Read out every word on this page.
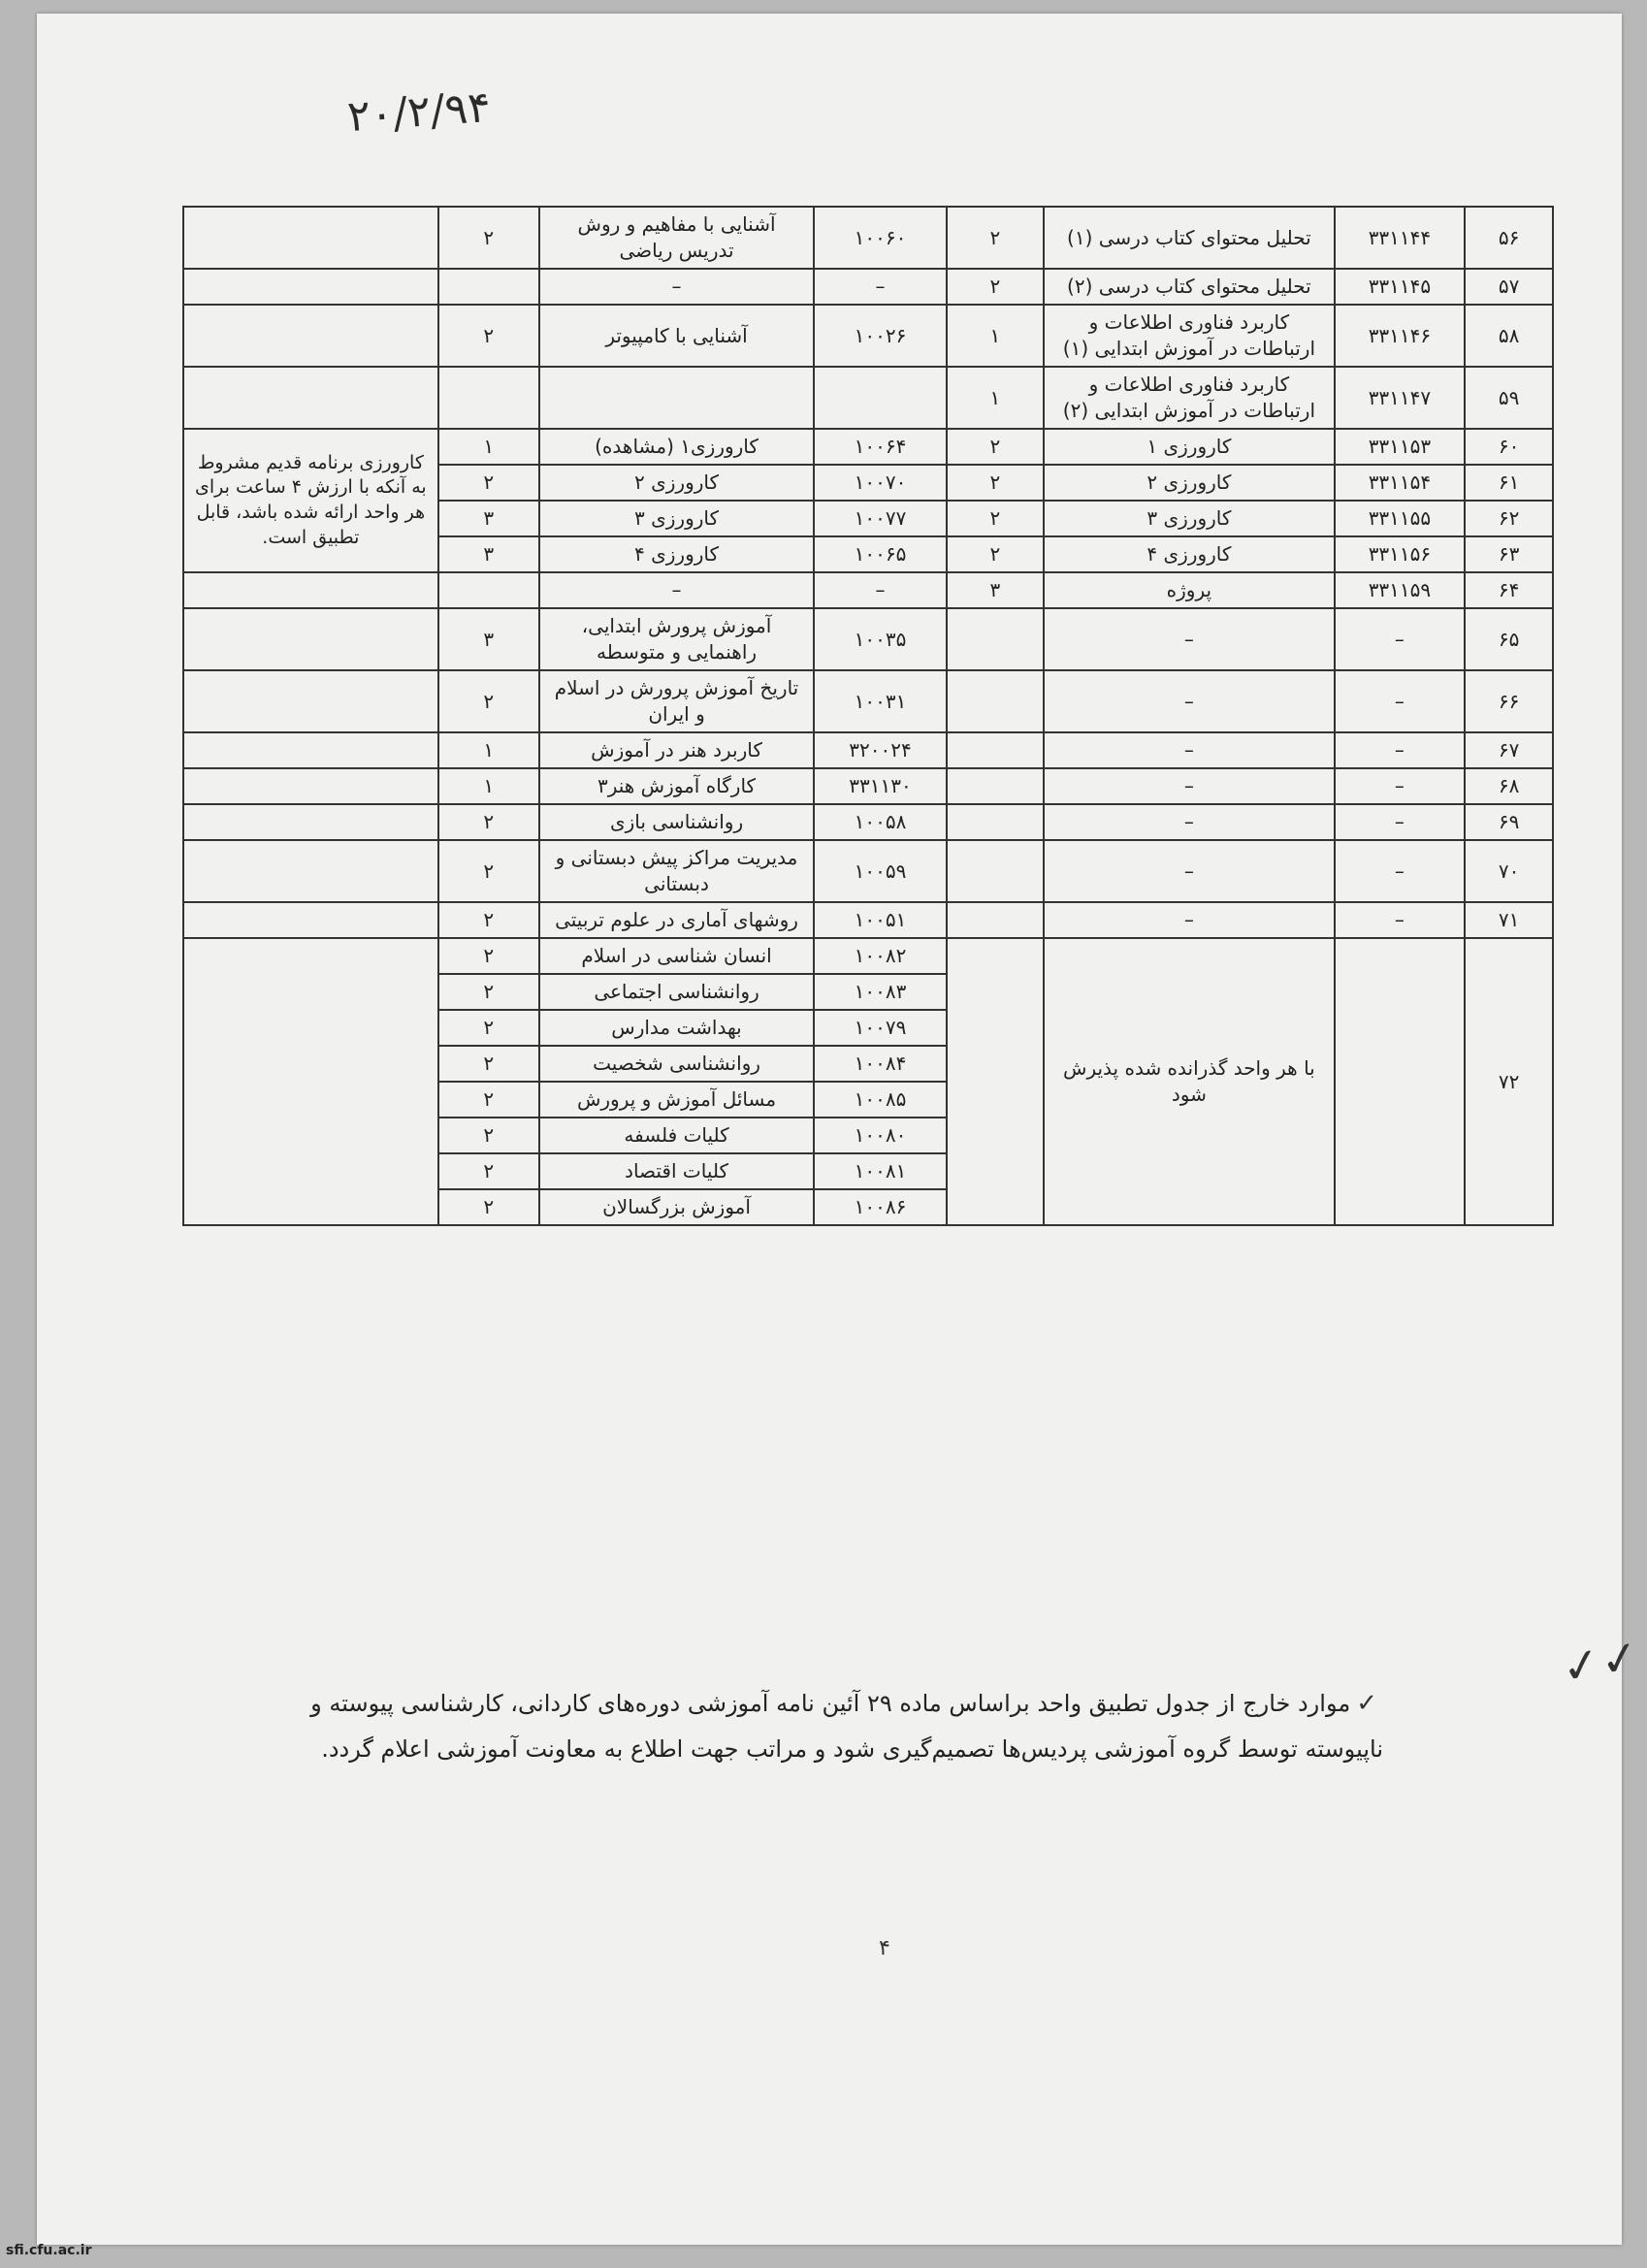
۲۰/۲/۹۴
✓✓
۵۶	۳۳۱۱۴۴	تحلیل محتوای کتاب درسی (۱)	۲	۱۰۰۶۰	آشنایی با مفاهیم و روش تدریس ریاضی	۲	
۵۷	۳۳۱۱۴۵	تحلیل محتوای کتاب درسی (۲)	۲	–	–		
۵۸	۳۳۱۱۴۶	کاربرد فناوری اطلاعات و ارتباطات در آموزش ابتدایی (۱)	۱	۱۰۰۲۶	آشنایی با کامپیوتر	۲	
۵۹	۳۳۱۱۴۷	کاربرد فناوری اطلاعات و ارتباطات در آموزش ابتدایی (۲)	۱				
۶۰	۳۳۱۱۵۳	کارورزی ۱	۲	۱۰۰۶۴	کارورزی۱ (مشاهده)	۱	کارورزی برنامه قدیم مشروط به آنکه با ارزش ۴ ساعت برای هر واحد ارائه شده باشد، قابل تطبیق است.
۶۱	۳۳۱۱۵۴	کارورزی ۲	۲	۱۰۰۷۰	کارورزی ۲	۲	
۶۲	۳۳۱۱۵۵	کارورزی ۳	۲	۱۰۰۷۷	کارورزی ۳	۳	
۶۳	۳۳۱۱۵۶	کارورزی ۴	۲	۱۰۰۶۵	کارورزی ۴	۳	
۶۴	۳۳۱۱۵۹	پروژه	۳	–	–		
۶۵	–	–		۱۰۰۳۵	آموزش پرورش ابتدایی، راهنمایی و متوسطه	۳	
۶۶	–	–		۱۰۰۳۱	تاریخ آموزش پرورش در اسلام و ایران	۲	
۶۷	–	–		۳۲۰۰۲۴	کاربرد هنر در آموزش	۱	
۶۸	–	–		۳۳۱۱۳۰	کارگاه آموزش هنر۳	۱	
۶۹	–	–		۱۰۰۵۸	روانشناسی بازی	۲	
۷۰	–	–		۱۰۰۵۹	مدیریت مراکز پیش دبستانی و دبستانی	۲	
۷۱	–	–		۱۰۰۵۱	روشهای آماری در علوم تربیتی	۲	
۷۲		با هر واحد گذرانده شده پذیرش شود		۱۰۰۸۲	انسان شناسی در اسلام	۲	
				۱۰۰۸۳	روانشناسی اجتماعی	۲	
				۱۰۰۷۹	بهداشت مدارس	۲	
				۱۰۰۸۴	روانشناسی شخصیت	۲	
				۱۰۰۸۵	مسائل آموزش و پرورش	۲	
				۱۰۰۸۰	کلیات فلسفه	۲	
				۱۰۰۸۱	کلیات اقتصاد	۲	
				۱۰۰۸۶	آموزش بزرگسالان	۲	
✓موارد خارج از جدول تطبیق واحد براساس ماده ۲۹ آئین نامه آموزشی دوره‌های کاردانی، کارشناسی پیوسته و ناپیوسته توسط گروه آموزشی پردیس‌ها تصمیم‌گیری شود و مراتب جهت اطلاع به معاونت آموزشی اعلام گردد.
۴
sfi.cfu.ac.ir
